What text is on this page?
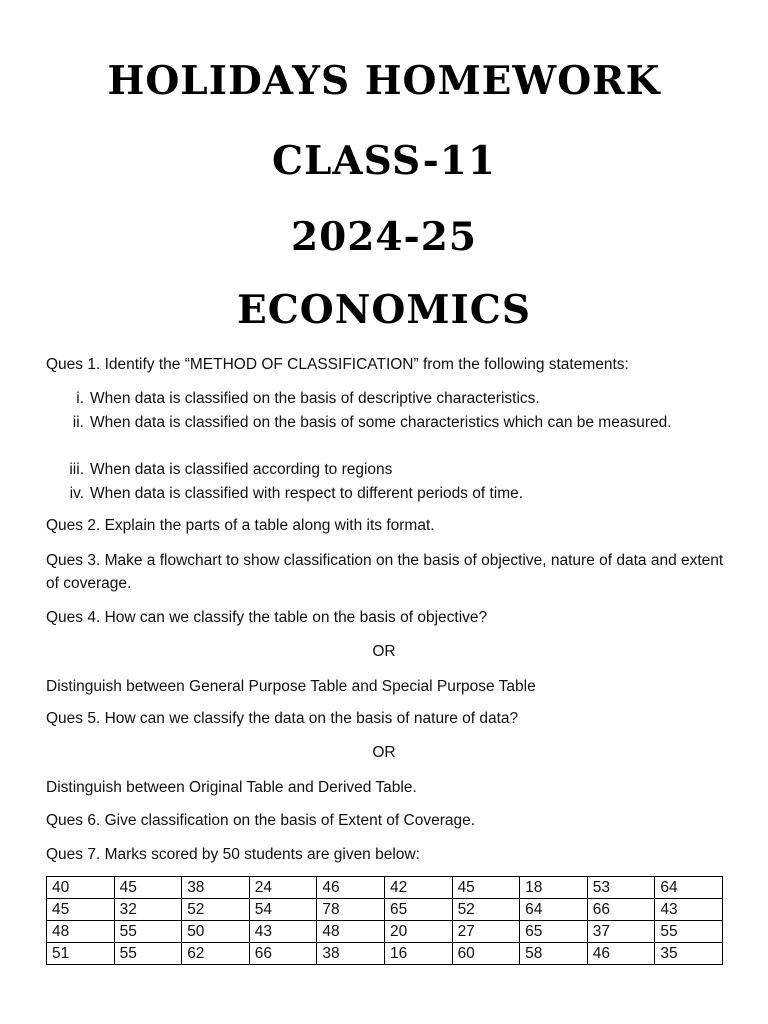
HOLIDAYS HOMEWORK
CLASS-11
2024-25
ECONOMICS
Ques 1. Identify the “METHOD OF CLASSIFICATION” from the following statements:
i. When data is classified on the basis of descriptive characteristics.
ii. When data is classified on the basis of some characteristics which can be measured.
iii. When data is classified according to regions
iv. When data is classified with respect to different periods of time.
Ques 2. Explain the parts of a table along with its format.
Ques 3. Make a flowchart to show classification on the basis of objective, nature of data and extent of coverage.
Ques 4. How can we classify the table on the basis of objective?
OR
Distinguish between General Purpose Table and Special Purpose Table
Ques 5. How can we classify the data on the basis of nature of data?
OR
Distinguish between Original Table and Derived Table.
Ques 6. Give classification on the basis of Extent of Coverage.
Ques 7. Marks scored by 50 students are given below:
40	45	38	24	46	42	45	18	53	64
45	32	52	54	78	65	52	64	66	43
48	55	50	43	48	20	27	65	37	55
51	55	62	66	38	16	60	58	46	35
